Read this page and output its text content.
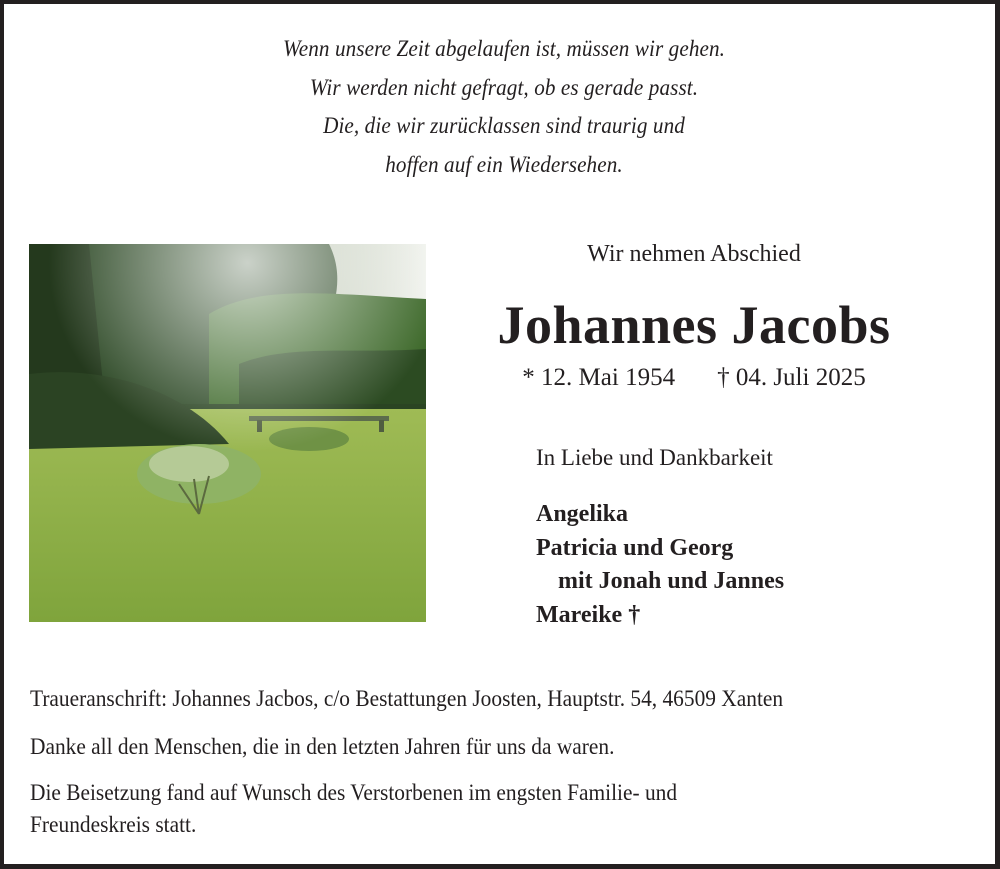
Wenn unsere Zeit abgelaufen ist, müssen wir gehen.
Wir werden nicht gefragt, ob es gerade passt.
Die, die wir zurücklassen sind traurig und
hoffen auf ein Wiedersehen.
Wir nehmen Abschied
Johannes Jacobs
* 12. Mai 1954 † 04. Juli 2025
In Liebe und Dankbarkeit
Angelika
Patricia und Georg
mit Jonah und Jannes
Mareike †

Traueranschrift: Johannes Jacbos, c/o Bestattungen Joosten, Hauptstr. 54, 46509 Xanten

Danke all den Menschen, die in den letzten Jahren für uns da waren.

Die Beisetzung fand auf Wunsch des Verstorbenen im engsten Familie- und

Freundeskreis statt.
